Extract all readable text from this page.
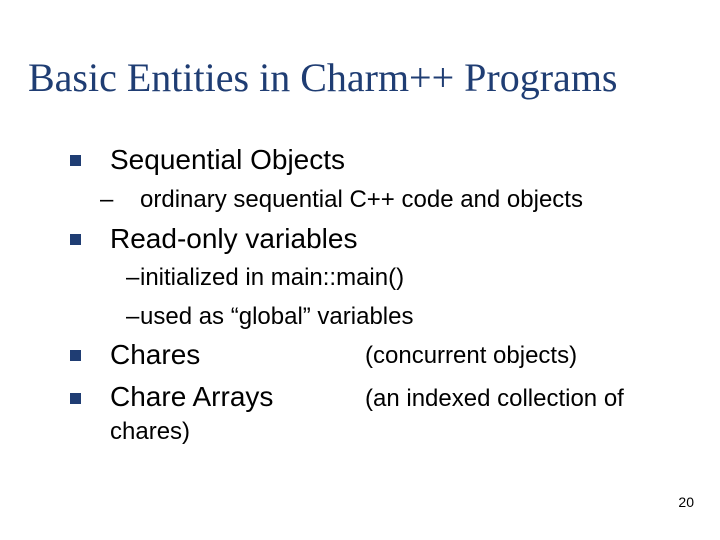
Basic Entities in Charm++ Programs
Sequential Objects
– ordinary sequential C++ code and objects
Read-only variables
– initialized in main::main()
– used as “global” variables
Chares	(concurrent objects)
Chare Arrays	(an indexed collection of
chares)
20
